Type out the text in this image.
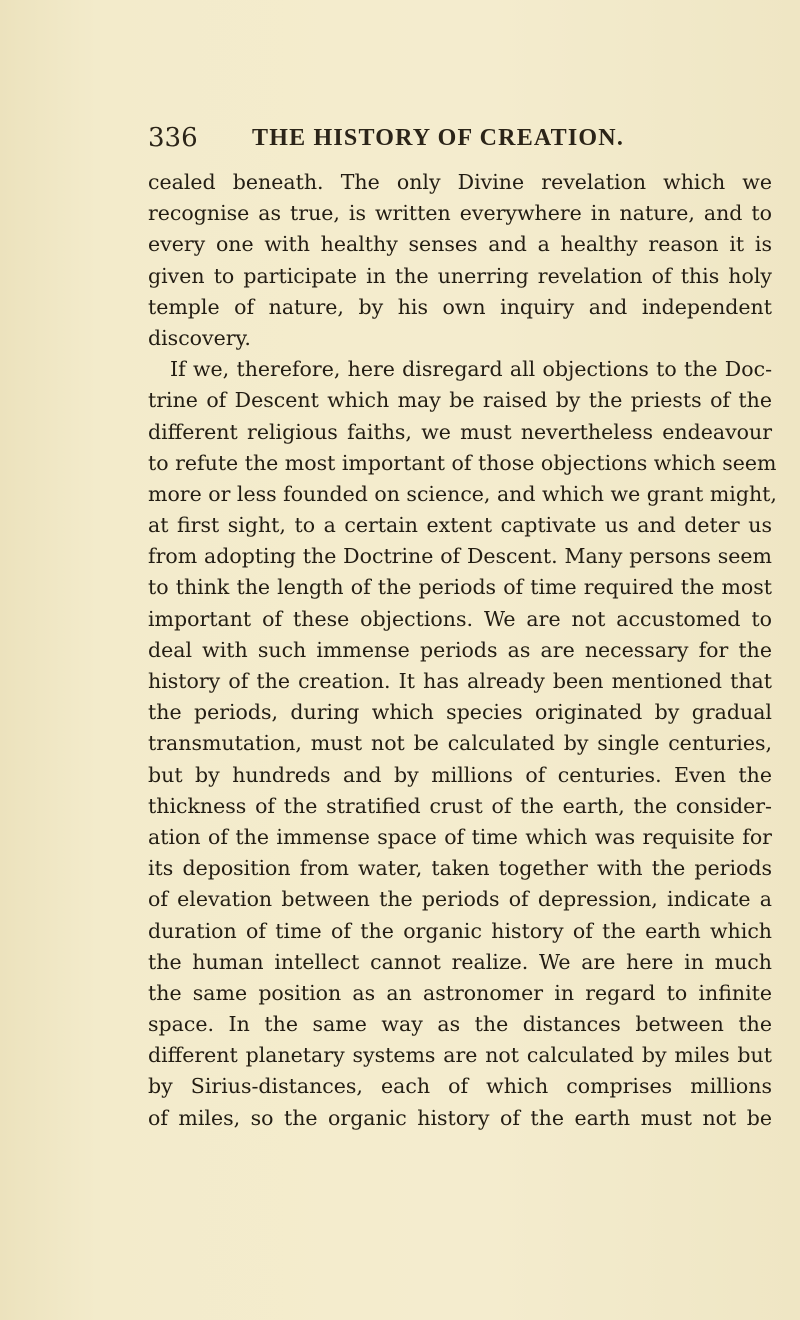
336 THE HISTORY OF CREATION.
cealed beneath. The only Divine revelation which we
recognise as true, is written everywhere in nature, and to
every one with healthy senses and a healthy reason it is
given to participate in the unerring revelation of this holy
temple of nature, by his own inquiry and independent
discovery.
If we, therefore, here disregard all objections to the Doc-
trine of Descent which may be raised by the priests of the
different religious faiths, we must nevertheless endeavour
to refute the most important of those objections which seem
more or less founded on science, and which we grant might,
at first sight, to a certain extent captivate us and deter us
from adopting the Doctrine of Descent. Many persons seem
to think the length of the periods of time required the most
important of these objections. We are not accustomed to
deal with such immense periods as are necessary for the
history of the creation. It has already been mentioned that
the periods, during which species originated by gradual
transmutation, must not be calculated by single centuries,
but by hundreds and by millions of centuries. Even the
thickness of the stratified crust of the earth, the consider-
ation of the immense space of time which was requisite for
its deposition from water, taken together with the periods
of elevation between the periods of depression, indicate a
duration of time of the organic history of the earth which
the human intellect cannot realize. We are here in much
the same position as an astronomer in regard to infinite
space. In the same way as the distances between the
different planetary systems are not calculated by miles but
by Sirius-distances, each of which comprises millions
of miles, so the organic history of the earth must not be
